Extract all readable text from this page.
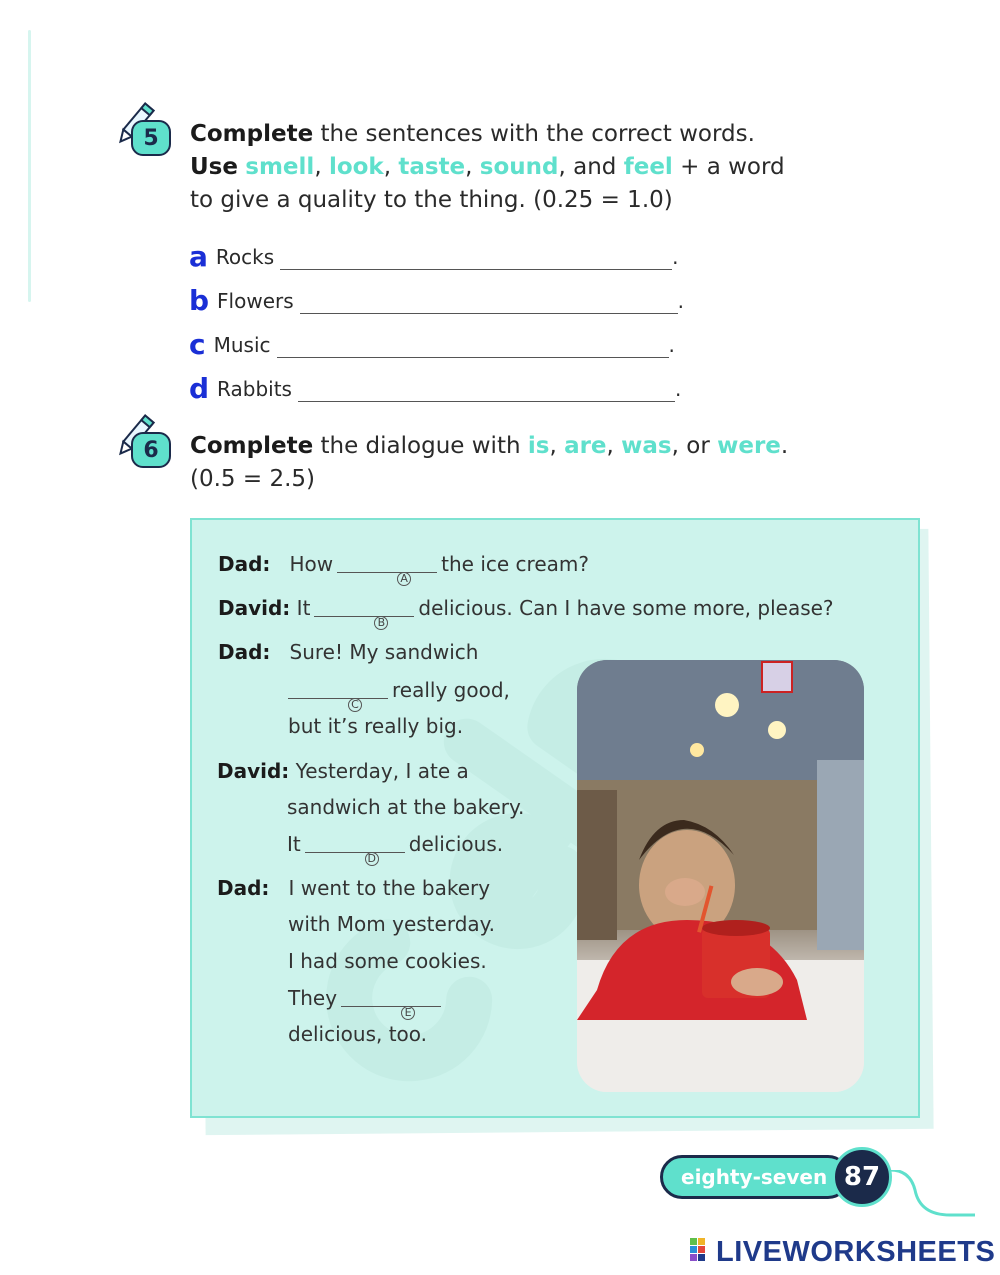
5	Complete the sentences with the correct words.
Use smell, look, taste, sound, and feel + a word
to give a quality to the thing. (0.25 = 1.0)
a Rocks	.
b Flowers	.
c Music	.
d Rabbits	.
6	Complete the dialogue with is, are, was, or were.
(0.5 = 2.5)
Dad: How
A
the ice cream?
David: It
B
delicious. Can I have some more, please?
Dad: Sure! My sandwich
C
really good,
but it’s really big.
David: Yesterday, I ate a
sandwich at the bakery.
It
D
delicious.
Dad: I went to the bakery
with Mom yesterday.
I had some cookies.
They
E
delicious, too.
eighty-seven 87
LIVEWORKSHEETS
